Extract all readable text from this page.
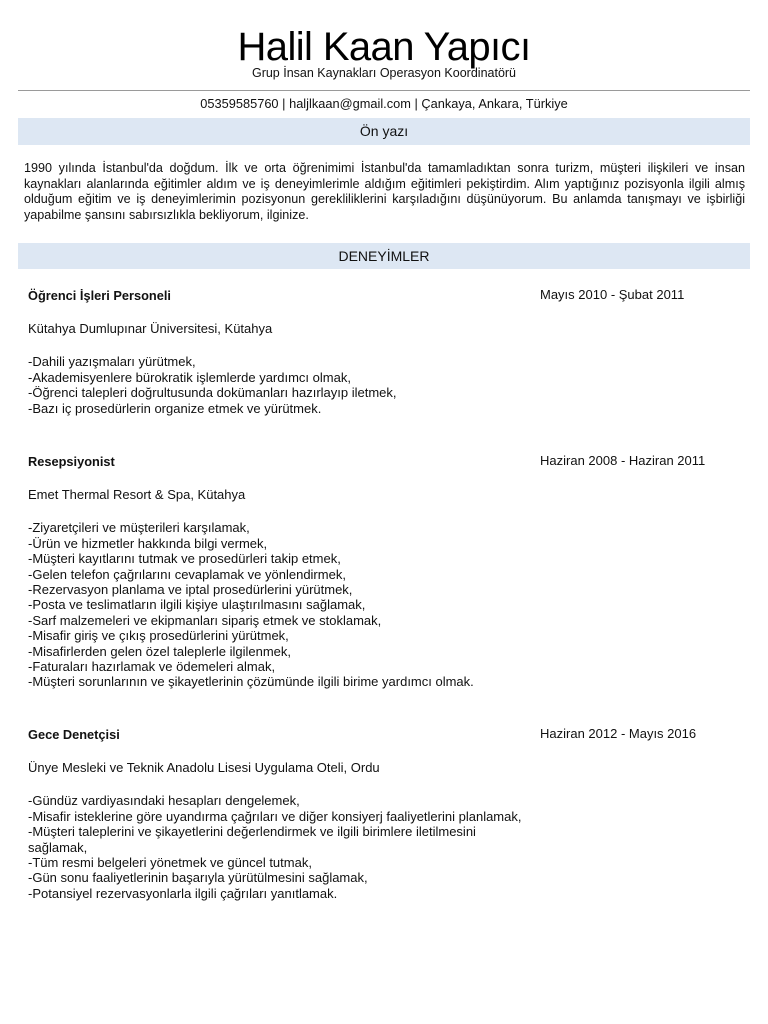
Halil Kaan Yapıcı
Grup İnsan Kaynakları Operasyon Koordinatörü
05359585760 | haljlkaan@gmail.com | Çankaya, Ankara, Türkiye
Ön yazı
1990 yılında İstanbul'da doğdum. İlk ve orta öğrenimimi İstanbul'da tamamladıktan sonra turizm, müşteri ilişkileri ve insan kaynakları alanlarında eğitimler aldım ve iş deneyimlerimle aldığım eğitimleri pekiştirdim. Alım yaptığınız pozisyonla ilgili almış olduğum eğitim ve iş deneyimlerimin pozisyonun gerekliliklerini karşıladığını düşünüyorum. Bu anlamda tanışmayı ve işbirliği yapabilme şansını sabırsızlıkla bekliyorum, ilginize.
DENEYİMLER
Öğrenci İşleri Personeli	Mayıs 2010 - Şubat 2011
Kütahya Dumlupınar Üniversitesi, Kütahya
-Dahili yazışmaları yürütmek,
-Akademisyenlere bürokratik işlemlerde yardımcı olmak,
-Öğrenci talepleri doğrultusunda dokümanları hazırlayıp iletmek,
-Bazı iç prosedürlerin organize etmek ve yürütmek.
Resepsiyonist	Haziran 2008 - Haziran 2011
Emet Thermal Resort & Spa, Kütahya
-Ziyaretçileri ve müşterileri karşılamak,
-Ürün ve hizmetler hakkında bilgi vermek,
-Müşteri kayıtlarını tutmak ve prosedürleri takip etmek,
-Gelen telefon çağrılarını cevaplamak ve yönlendirmek,
-Rezervasyon planlama ve iptal prosedürlerini yürütmek,
-Posta ve teslimatların ilgili kişiye ulaştırılmasını sağlamak,
-Sarf malzemeleri ve ekipmanları sipariş etmek ve stoklamak,
-Misafir giriş ve çıkış prosedürlerini yürütmek,
-Misafirlerden gelen özel taleplerle ilgilenmek,
-Faturaları hazırlamak ve ödemeleri almak,
-Müşteri sorunlarının ve şikayetlerinin çözümünde ilgili birime yardımcı olmak.
Gece Denetçisi	Haziran 2012 - Mayıs 2016
Ünye Mesleki ve Teknik Anadolu Lisesi Uygulama Oteli, Ordu
-Gündüz vardiyasındaki hesapları dengelemek,
-Misafir isteklerine göre uyandırma çağrıları ve diğer konsiyerj faaliyetlerini planlamak,
-Müşteri taleplerini ve şikayetlerini değerlendirmek ve ilgili birimlere iletilmesini sağlamak,
-Tüm resmi belgeleri yönetmek ve güncel tutmak,
-Gün sonu faaliyetlerinin başarıyla yürütülmesini sağlamak,
-Potansiyel rezervasyonlarla ilgili çağrıları yanıtlamak.
